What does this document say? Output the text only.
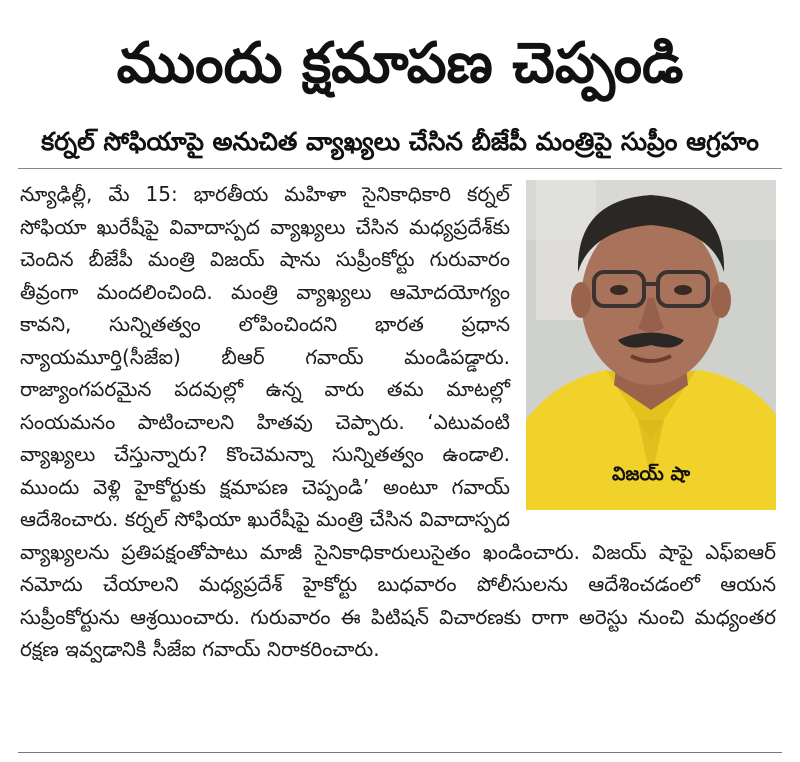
ముందు క్షమాపణ చెప్పండి
కర్నల్ సోఫియాపై అనుచిత వ్యాఖ్యలు చేసిన బీజేపీ మంత్రిపై సుప్రీం ఆగ్రహం
విజయ్ షా

న్యూఢిల్లీ, మే 15: భారతీయ మహిళా సైనికాధికారి కర్నల్ సోఫియా ఖురేషీపై వివాదాస్పద వ్యాఖ్యలు చేసిన మధ్యప్రదేశ్‌కు చెందిన బీజేపీ మంత్రి విజయ్ షాను సుప్రీంకోర్టు గురువారం తీవ్రంగా మందలించింది. మంత్రి వ్యాఖ్యలు ఆమోదయోగ్యం కావని, సున్నితత్వం లోపించిందని భారత ప్రధాన న్యాయమూర్తి(సీజేఐ) బీఆర్ గవాయ్ మండిపడ్డారు. రాజ్యాంగపరమైన పదవుల్లో ఉన్న వారు తమ మాటల్లో సంయమనం పాటించాలని హితవు చెప్పారు. ‘ఎటువంటి వ్యాఖ్యలు చేస్తున్నారు? కొంచెమన్నా సున్నితత్వం ఉండాలి. ముందు వెళ్లి హైకోర్టుకు క్షమాపణ చెప్పండి’ అంటూ గవాయ్ ఆదేశించారు. కర్నల్ సోఫియా ఖురేషీపై మంత్రి చేసిన వివాదాస్పద వ్యాఖ్యలను ప్రతిపక్షంతోపాటు మాజీ సైనికాధికారులుసైతం ఖండించారు. విజయ్ షాపై ఎఫ్ఐఆర్ నమోదు చేయాలని మధ్యప్రదేశ్ హైకోర్టు బుధవారం పోలీసులను ఆదేశించడంలో ఆయన సుప్రీంకోర్టును ఆశ్రయించారు. గురువారం ఈ పిటిషన్ విచారణకు రాగా అరెస్టు నుంచి మధ్యంతర రక్షణ ఇవ్వడానికి సీజేఐ గవాయ్ నిరాకరించారు.
